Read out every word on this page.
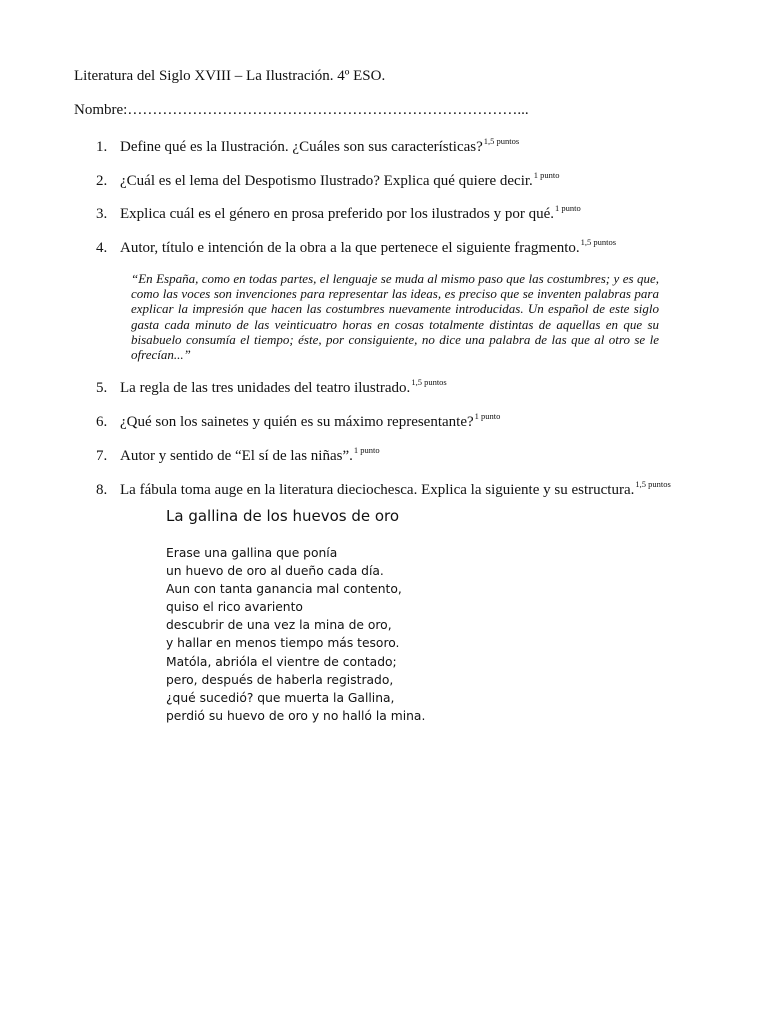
Literatura del Siglo XVIII – La Ilustración. 4º ESO.
Nombre:……………………………………………………………………...
1. Define qué es la Ilustración. ¿Cuáles son sus características?$^{1,5 puntos}$
2. ¿Cuál es el lema del Despotismo Ilustrado? Explica qué quiere decir.$^{1 punto}$
3. Explica cuál es el género en prosa preferido por los ilustrados y por qué.$^{1 punto}$
4. Autor, título e intención de la obra a la que pertenece el siguiente fragmento.$^{1,5 puntos}$
“En España, como en todas partes, el lenguaje se muda al mismo paso que las costumbres; y es que, como las voces son invenciones para representar las ideas, es preciso que se inventen palabras para explicar la impresión que hacen las costumbres nuevamente introducidas. Un español de este siglo gasta cada minuto de las veinticuatro horas en cosas totalmente distintas de aquellas en que su bisabuelo consumía el tiempo; éste, por consiguiente, no dice una palabra de las que al otro se le ofrecían...”
5. La regla de las tres unidades del teatro ilustrado.$^{1,5 puntos}$
6. ¿Qué son los sainetes y quién es su máximo representante?$^{1 punto}$
7. Autor y sentido de “El sí de las niñas”.$^{1 punto}$
8. La fábula toma auge en la literatura dieciochesca. Explica la siguiente y su estructura.$^{1,5 puntos}$
La gallina de los huevos de oro
Erase una gallina que ponía
un huevo de oro al dueño cada día.
Aun con tanta ganancia mal contento,
quiso el rico avariento
descubrir de una vez la mina de oro,
y hallar en menos tiempo más tesoro.
Matóla, abrióla el vientre de contado;
pero, después de haberla registrado,
¿qué sucedió? que muerta la Gallina,
perdió su huevo de oro y no halló la mina.
